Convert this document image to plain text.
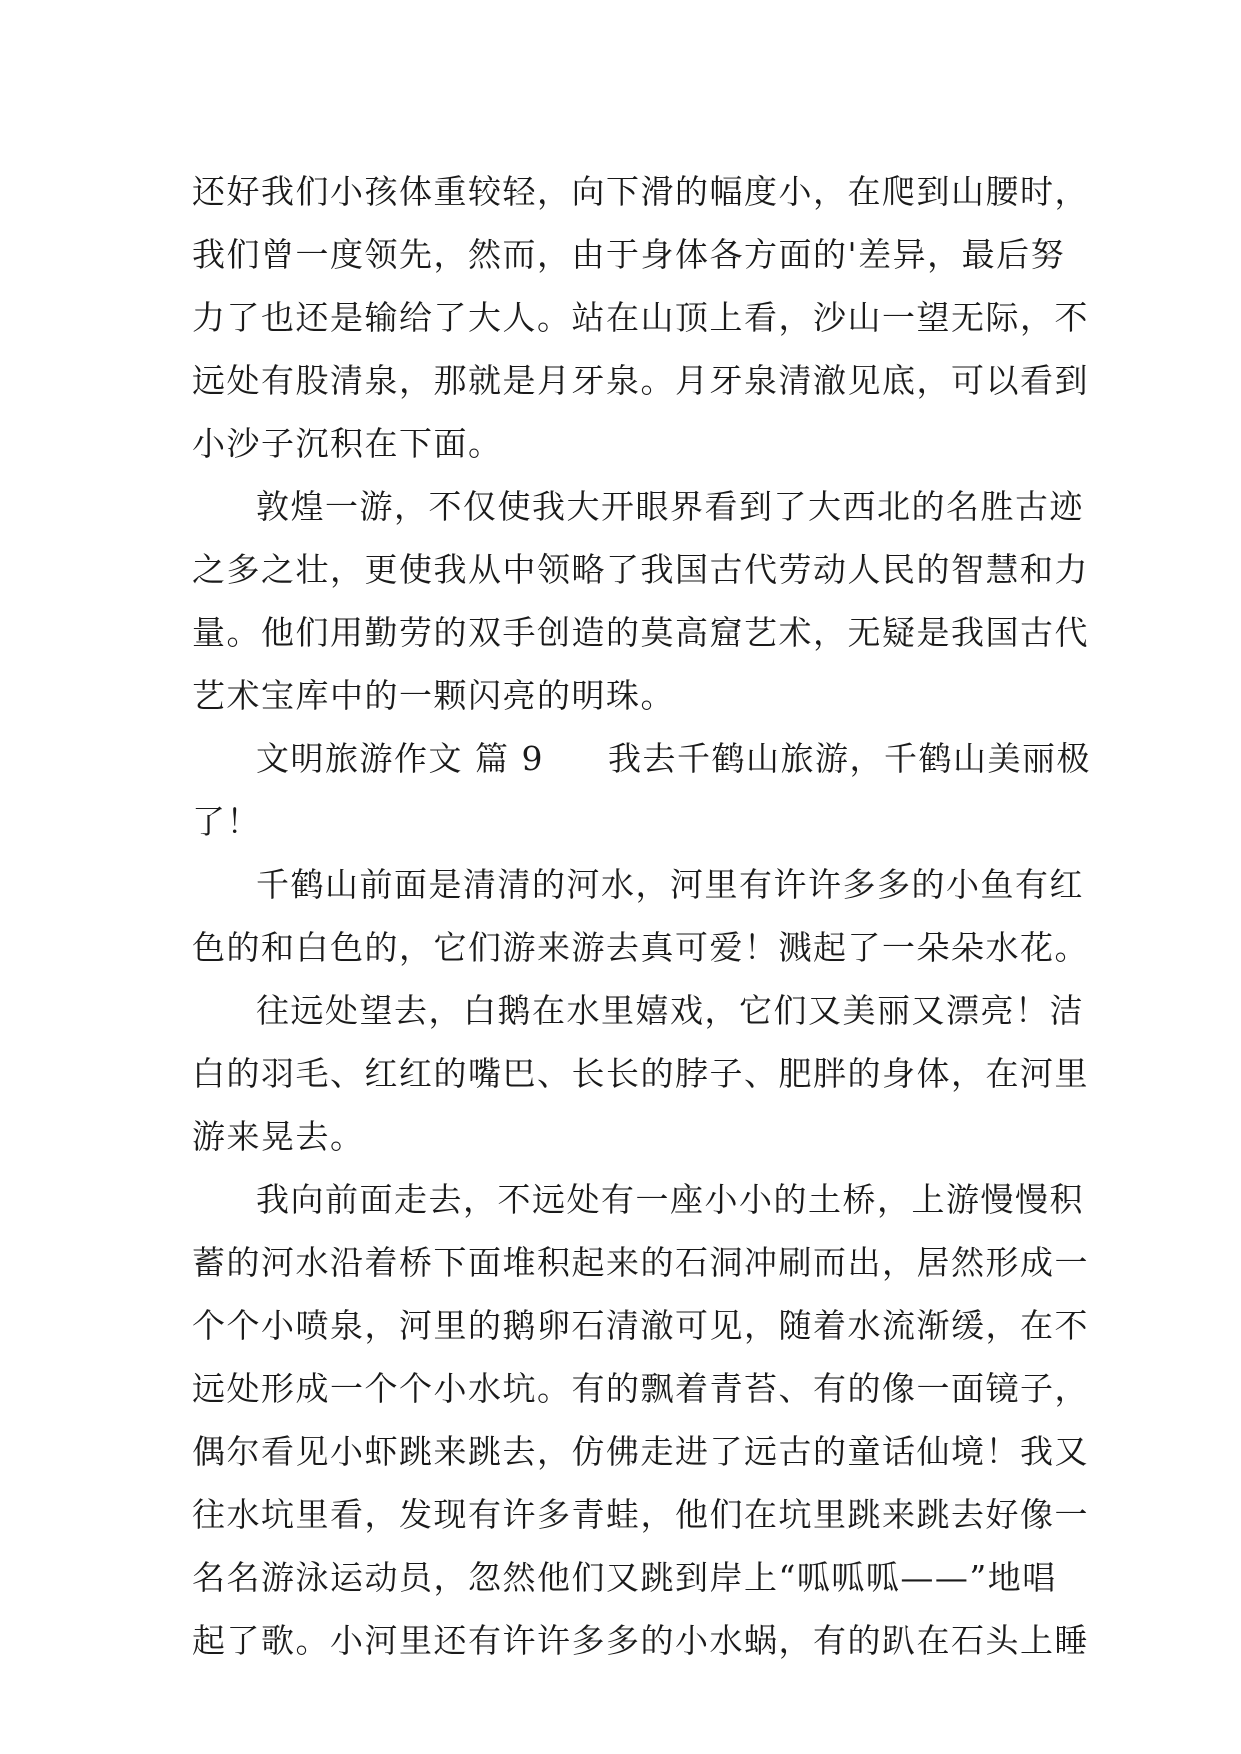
还好我们小孩体重较轻，向下滑的幅度小，在爬到山腰时，
我们曾一度领先，然而，由于身体各方面的'差异，最后努
力了也还是输给了大人。站在山顶上看，沙山一望无际，不
远处有股清泉，那就是月牙泉。月牙泉清澈见底，可以看到
小沙子沉积在下面。
敦煌一游，不仅使我大开眼界看到了大西北的名胜古迹
之多之壮，更使我从中领略了我国古代劳动人民的智慧和力
量。他们用勤劳的双手创造的莫高窟艺术，无疑是我国古代
艺术宝库中的一颗闪亮的明珠。
文明旅游作文 篇 9 我去千鹤山旅游，千鹤山美丽极
了！
千鹤山前面是清清的河水，河里有许许多多的小鱼有红
色的和白色的，它们游来游去真可爱！溅起了一朵朵水花。
往远处望去，白鹅在水里嬉戏，它们又美丽又漂亮！洁
白的羽毛、红红的嘴巴、长长的脖子、肥胖的身体，在河里
游来晃去。
我向前面走去，不远处有一座小小的土桥，上游慢慢积
蓄的河水沿着桥下面堆积起来的石洞冲刷而出，居然形成一
个个小喷泉，河里的鹅卵石清澈可见，随着水流渐缓，在不
远处形成一个个小水坑。有的飘着青苔、有的像一面镜子，
偶尔看见小虾跳来跳去，仿佛走进了远古的童话仙境！我又
往水坑里看，发现有许多青蛙，他们在坑里跳来跳去好像一
名名游泳运动员，忽然他们又跳到岸上“呱呱呱——”地唱
起了歌。小河里还有许许多多的小水蜗，有的趴在石头上睡
